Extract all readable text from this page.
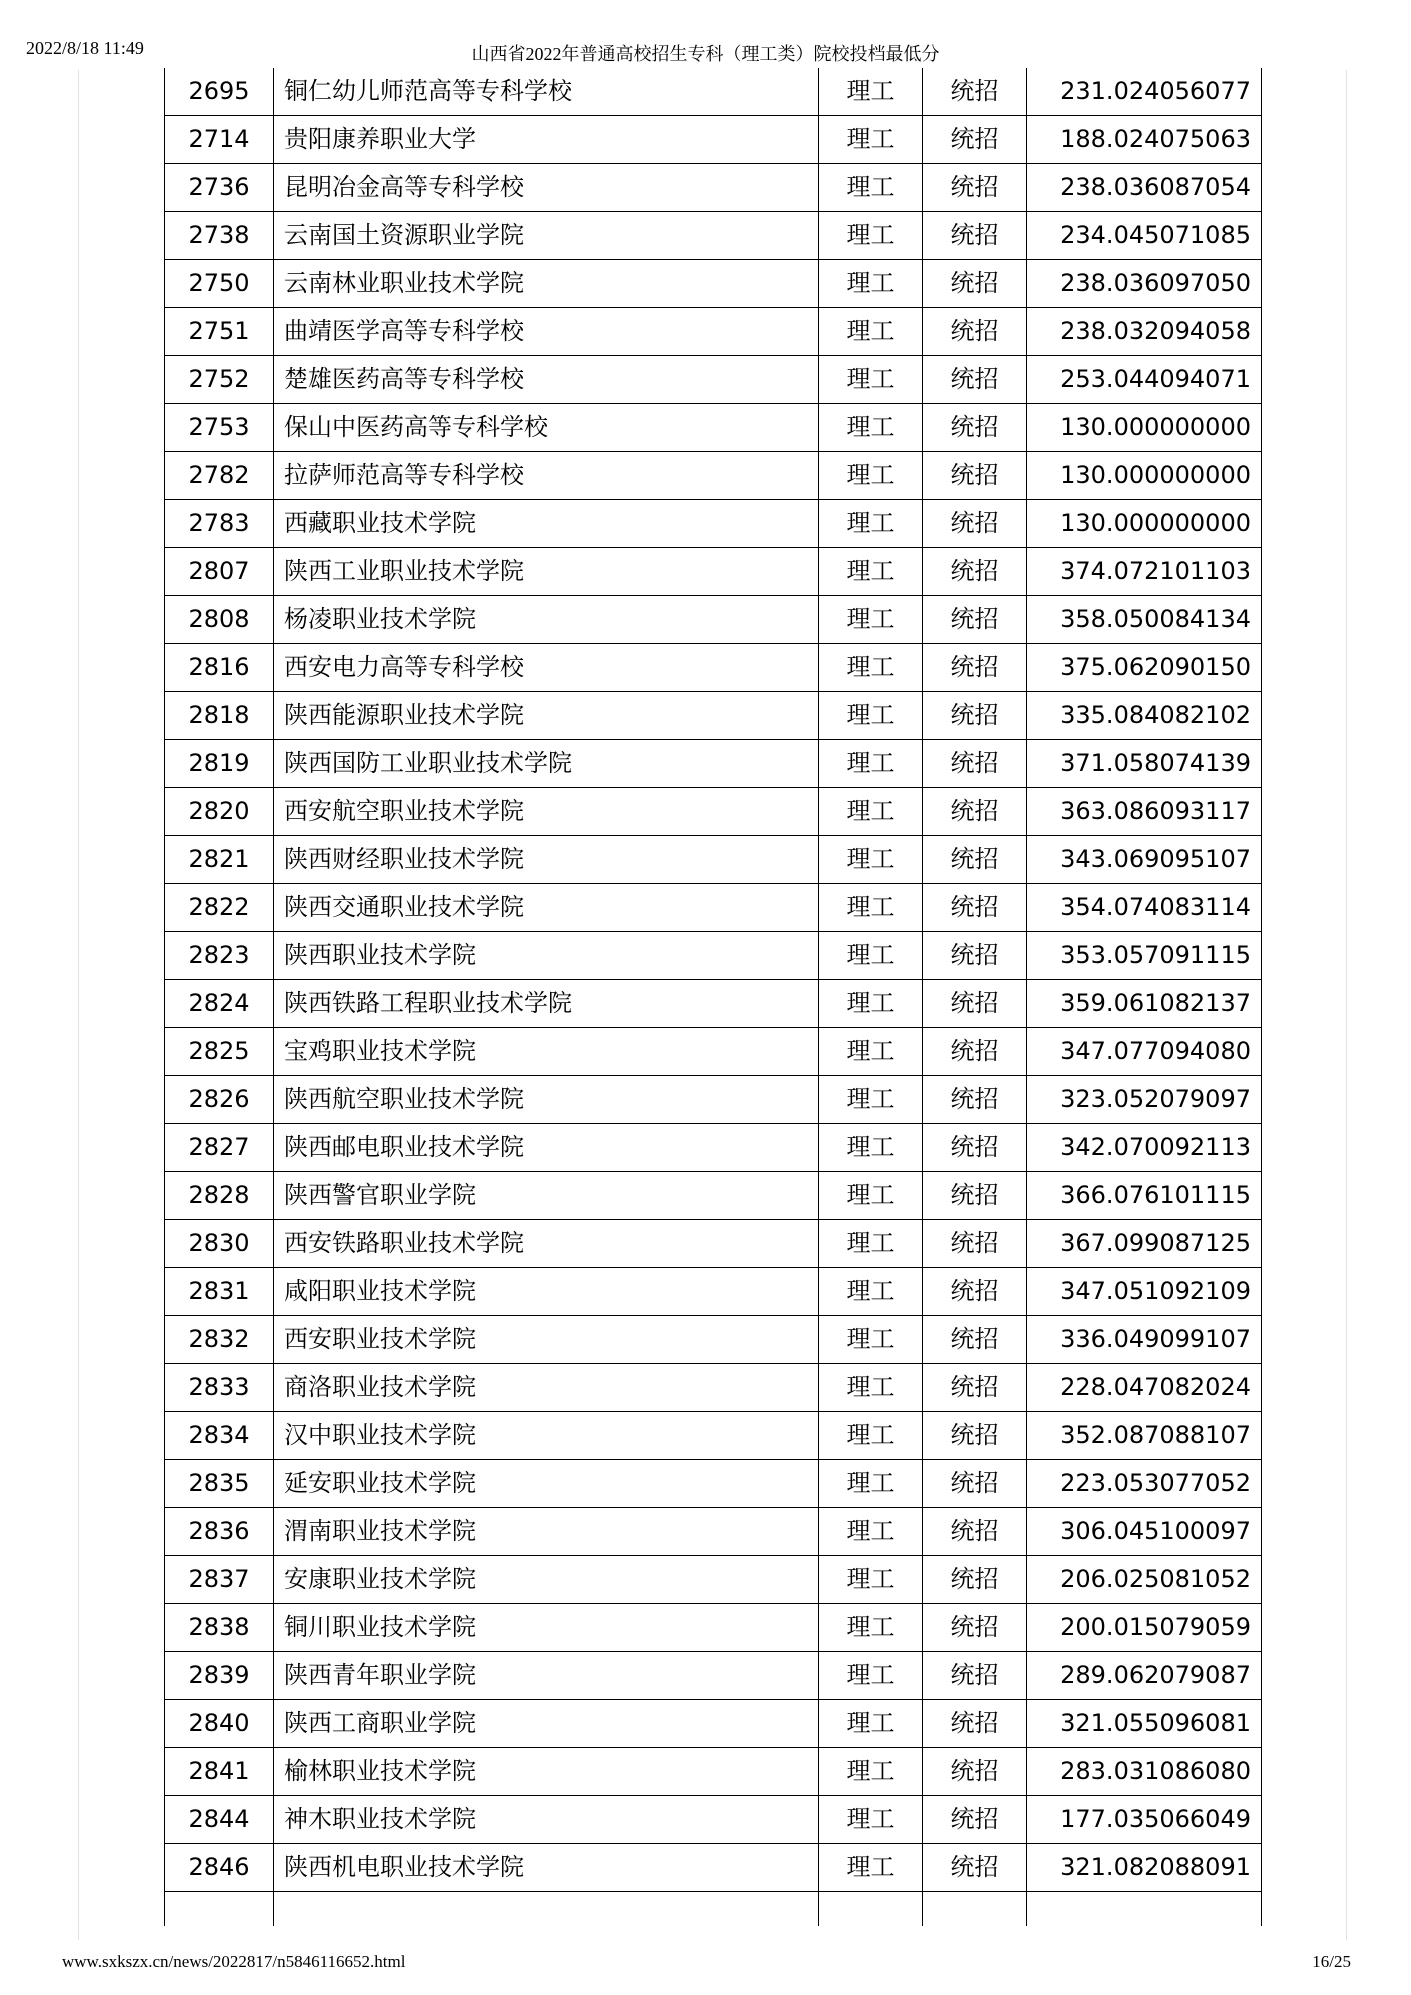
2022/8/18 11:49	山西省2022年普通高校招生专科（理工类）院校投档最低分
2695	铜仁幼儿师范高等专科学校	理工	统招	231.024056077
2714	贵阳康养职业大学	理工	统招	188.024075063
2736	昆明冶金高等专科学校	理工	统招	238.036087054
2738	云南国土资源职业学院	理工	统招	234.045071085
2750	云南林业职业技术学院	理工	统招	238.036097050
2751	曲靖医学高等专科学校	理工	统招	238.032094058
2752	楚雄医药高等专科学校	理工	统招	253.044094071
2753	保山中医药高等专科学校	理工	统招	130.000000000
2782	拉萨师范高等专科学校	理工	统招	130.000000000
2783	西藏职业技术学院	理工	统招	130.000000000
2807	陕西工业职业技术学院	理工	统招	374.072101103
2808	杨凌职业技术学院	理工	统招	358.050084134
2816	西安电力高等专科学校	理工	统招	375.062090150
2818	陕西能源职业技术学院	理工	统招	335.084082102
2819	陕西国防工业职业技术学院	理工	统招	371.058074139
2820	西安航空职业技术学院	理工	统招	363.086093117
2821	陕西财经职业技术学院	理工	统招	343.069095107
2822	陕西交通职业技术学院	理工	统招	354.074083114
2823	陕西职业技术学院	理工	统招	353.057091115
2824	陕西铁路工程职业技术学院	理工	统招	359.061082137
2825	宝鸡职业技术学院	理工	统招	347.077094080
2826	陕西航空职业技术学院	理工	统招	323.052079097
2827	陕西邮电职业技术学院	理工	统招	342.070092113
2828	陕西警官职业学院	理工	统招	366.076101115
2830	西安铁路职业技术学院	理工	统招	367.099087125
2831	咸阳职业技术学院	理工	统招	347.051092109
2832	西安职业技术学院	理工	统招	336.049099107
2833	商洛职业技术学院	理工	统招	228.047082024
2834	汉中职业技术学院	理工	统招	352.087088107
2835	延安职业技术学院	理工	统招	223.053077052
2836	渭南职业技术学院	理工	统招	306.045100097
2837	安康职业技术学院	理工	统招	206.025081052
2838	铜川职业技术学院	理工	统招	200.015079059
2839	陕西青年职业学院	理工	统招	289.062079087
2840	陕西工商职业学院	理工	统招	321.055096081
2841	榆林职业技术学院	理工	统招	283.031086080
2844	神木职业技术学院	理工	统招	177.035066049
2846	陕西机电职业技术学院	理工	统招	321.082088091

www.sxkszx.cn/news/2022817/n5846116652.html	16/25
